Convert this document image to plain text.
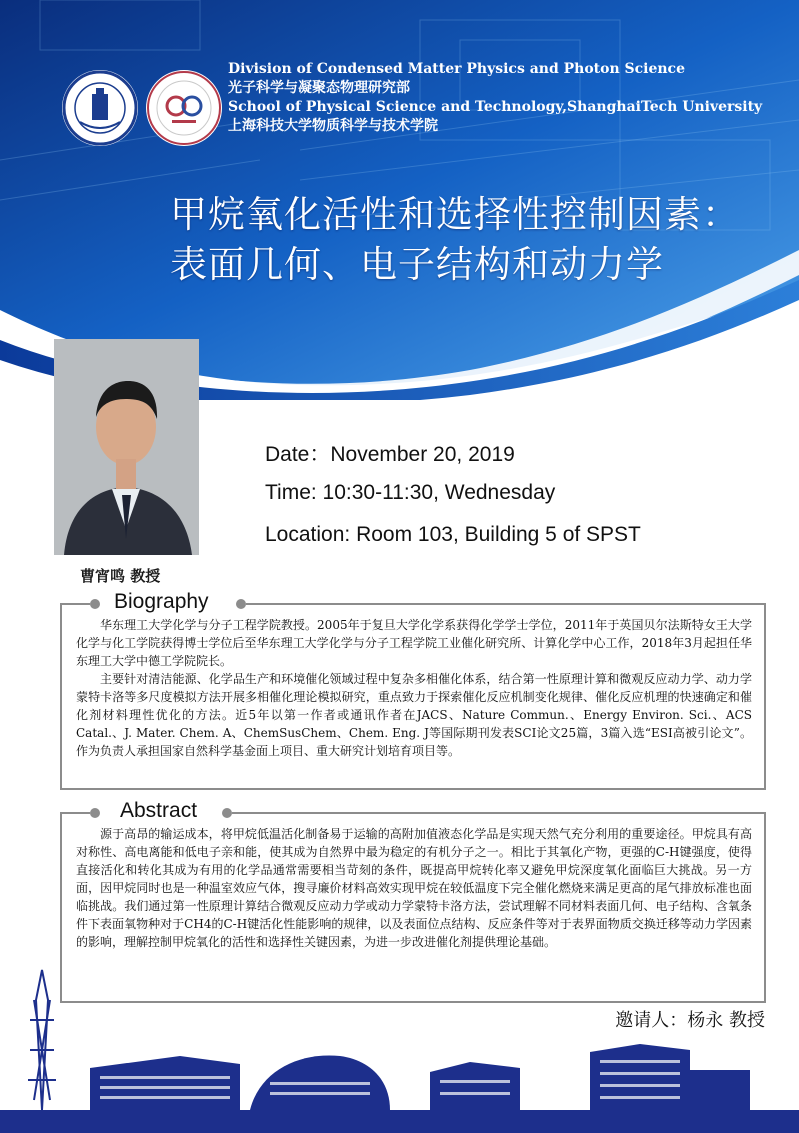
Division of Condensed Matter Physics and Photon Science
光子科学与凝聚态物理研究部
School of Physical Science and Technology,ShanghaiTech University
上海科技大学物质科学与技术学院
甲烷氧化活性和选择性控制因素：
表面几何、电子结构和动力学
曹宵鸣 教授
Date：November 20, 2019
Time: 10:30-11:30, Wednesday
Location: Room 103, Building 5 of SPST
Biography

华东理工大学化学与分子工程学院教授。2005年于复旦大学化学系获得化学学士学位，2011年于英国贝尔法斯特女王大学化学与化工学院获得博士学位后至华东理工大学化学与分子工程学院工业催化研究所、计算化学中心工作，2018年3月起担任华东理工大学中德工学院院长。

主要针对清洁能源、化学品生产和环境催化领域过程中复杂多相催化体系，结合第一性原理计算和微观反应动力学、动力学蒙特卡洛等多尺度模拟方法开展多相催化理论模拟研究，重点致力于探索催化反应机制变化规律、催化反应机理的快速确定和催化剂材料理性优化的方法。近5年以第一作者或通讯作者在JACS、Nature Commun.、Energy Environ. Sci.、ACS Catal.、J. Mater. Chem. A、ChemSusChem、Chem. Eng. J等国际期刊发表SCI论文25篇，3篇入选“ESI高被引论文”。作为负责人承担国家自然科学基金面上项目、重大研究计划培育项目等。

Abstract

源于高昂的输运成本，将甲烷低温活化制备易于运输的高附加值液态化学品是实现天然气充分利用的重要途径。甲烷具有高对称性、高电离能和低电子亲和能，使其成为自然界中最为稳定的有机分子之一。相比于其氧化产物，更强的C-H键强度，使得直接活化和转化其成为有用的化学品通常需要相当苛刻的条件，既提高甲烷转化率又避免甲烷深度氧化面临巨大挑战。另一方面，因甲烷同时也是一种温室效应气体，搜寻廉价材料高效实现甲烷在较低温度下完全催化燃烧来满足更高的尾气排放标准也面临挑战。我们通过第一性原理计算结合微观反应动力学或动力学蒙特卡洛方法，尝试理解不同材料表面几何、电子结构、含氧条件下表面氧物种对于CH4的C-H键活化性能影响的规律，以及表面位点结构、反应条件等对于表界面物质交换迁移等动力学因素的影响，理解控制甲烷氧化的活性和选择性关键因素，为进一步改进催化剂提供理论基础。

邀请人：杨永 教授
